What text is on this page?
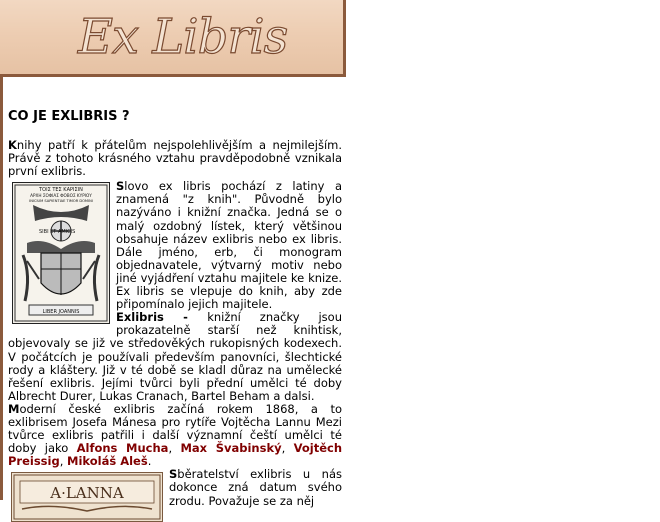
Ex Libris
CO JE EXLIBRIS ?

Knihy patří k přátelům nejspolehlivějším a nejmilejším. Právě z tohoto krásného vztahu pravděpodobně vznikala první exlibris.

ΤΟΙΣ ΤΕΣ ΚΑΡΙΣΙΝ
ΑΡΧΗ ΣΟΦΙΑΣ ΦΟΒΟΣ ΚΥΡΙΟΥ
INICIUM SAPIENTIAE TIMOR DOMINI
SIBI ET AMICIS
LIBER JOANNIS

Slovo ex libris pochází z latiny a znamená "z knih". Původně bylo nazýváno i knižní značka. Jedná se o malý ozdobný lístek, který většinou obsahuje název exlibris nebo ex libris. Dále jméno, erb, či monogram objednavatele, výtvarný motiv nebo jiné vyjádření vztahu majitele ke knize. Ex libris se vlepuje do knih, aby zde připomínalo jejich majitele.

Exlibris - knižní značky jsou prokazatelně starší než knihtisk, objevovaly se již ve středověkých rukopisných kodexech. V počátcích je používali především panovníci, šlechtické rody a kláštery. Již v té době se kladl důraz na umělecké řešení exlibris. Jejími tvůrci byli přední umělci té doby Albrecht Durer, Lukas Cranach, Bartel Beham a dalsi.

Moderní české exlibris začíná rokem 1868, a to exlibrisem Josefa Mánesa pro rytíře Vojtěcha Lannu Mezi tvůrce exlibris patřili i další významní čeští umělci té doby jako Alfons Mucha, Max Švabinský, Vojtěch Preissig, Mikoláš Aleš.

A·LANNA

Sběratelství exlibris u nás dokonce zná datum svého zrodu. Považuje se za něj
